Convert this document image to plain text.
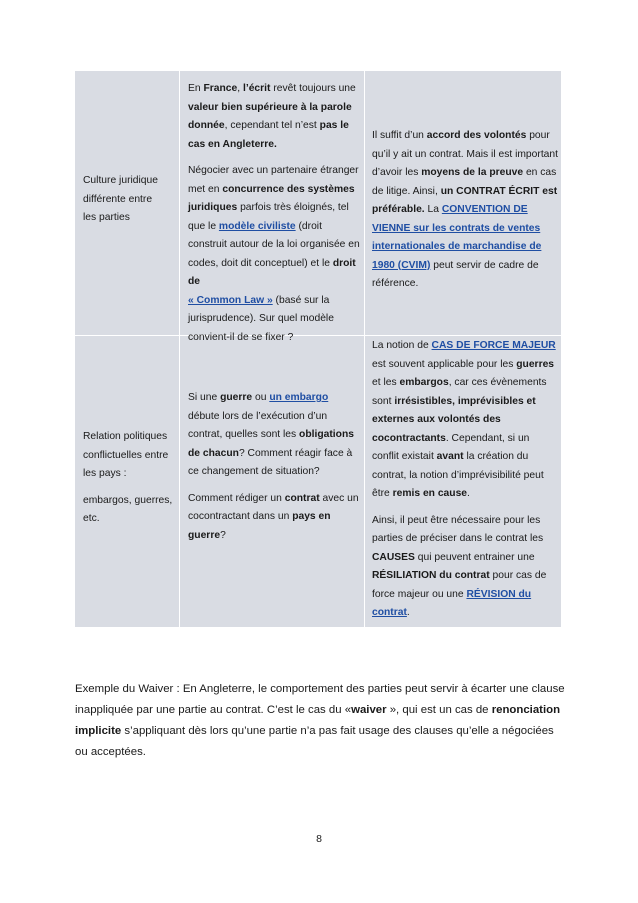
Culture juridique
différente entre
les parties

En France, l’écrit revêt toujours une valeur bien supérieure à la parole donnée, cependant tel n’est pas le cas en Angleterre.

Négocier avec un partenaire étranger met en concurrence des systèmes juridiques parfois très éloignés, tel que le modèle civiliste (droit construit autour de la loi organisée en codes, doit dit conceptuel) et le droit de
« Common Law » (basé sur la jurisprudence). Sur quel modèle convient-il de se fixer ?

Il suffit d’un accord des volontés pour qu’il y ait un contrat. Mais il est important d’avoir les moyens de la preuve en cas de litige. Ainsi, un CONTRAT ÉCRIT est préférable. La CONVENTION DE VIENNE sur les contrats de ventes internationales de marchandise de 1980 (CVIM) peut servir de cadre de référence.

Relation politiques
conflictuelles entre
les pays :
embargos, guerres,
etc.

Si une guerre ou un embargo débute lors de l’exécution d’un contrat, quelles sont les obligations de chacun? Comment réagir face à ce changement de situation?

Comment rédiger un contrat avec un cocontractant dans un pays en guerre?

La notion de CAS DE FORCE MAJEUR est souvent applicable pour les guerres et les embargos, car ces évènements sont irrésistibles, imprévisibles et externes aux volontés des cocontractants. Cependant, si un conflit existait avant la création du contrat, la notion d’imprévisibilité peut être remis en cause.

Ainsi, il peut être nécessaire pour les parties de préciser dans le contrat les CAUSES qui peuvent entrainer une RÉSILIATION du contrat pour cas de force majeur ou une RÉVISION du contrat.

Exemple du Waiver : En Angleterre, le comportement des parties peut servir à écarter une clause inappliquée par une partie au contrat. C’est le cas du «waiver », qui est un cas de renonciation implicite s’appliquant dès lors qu’une partie n’a pas fait usage des clauses qu’elle a négociées ou acceptées.

8
